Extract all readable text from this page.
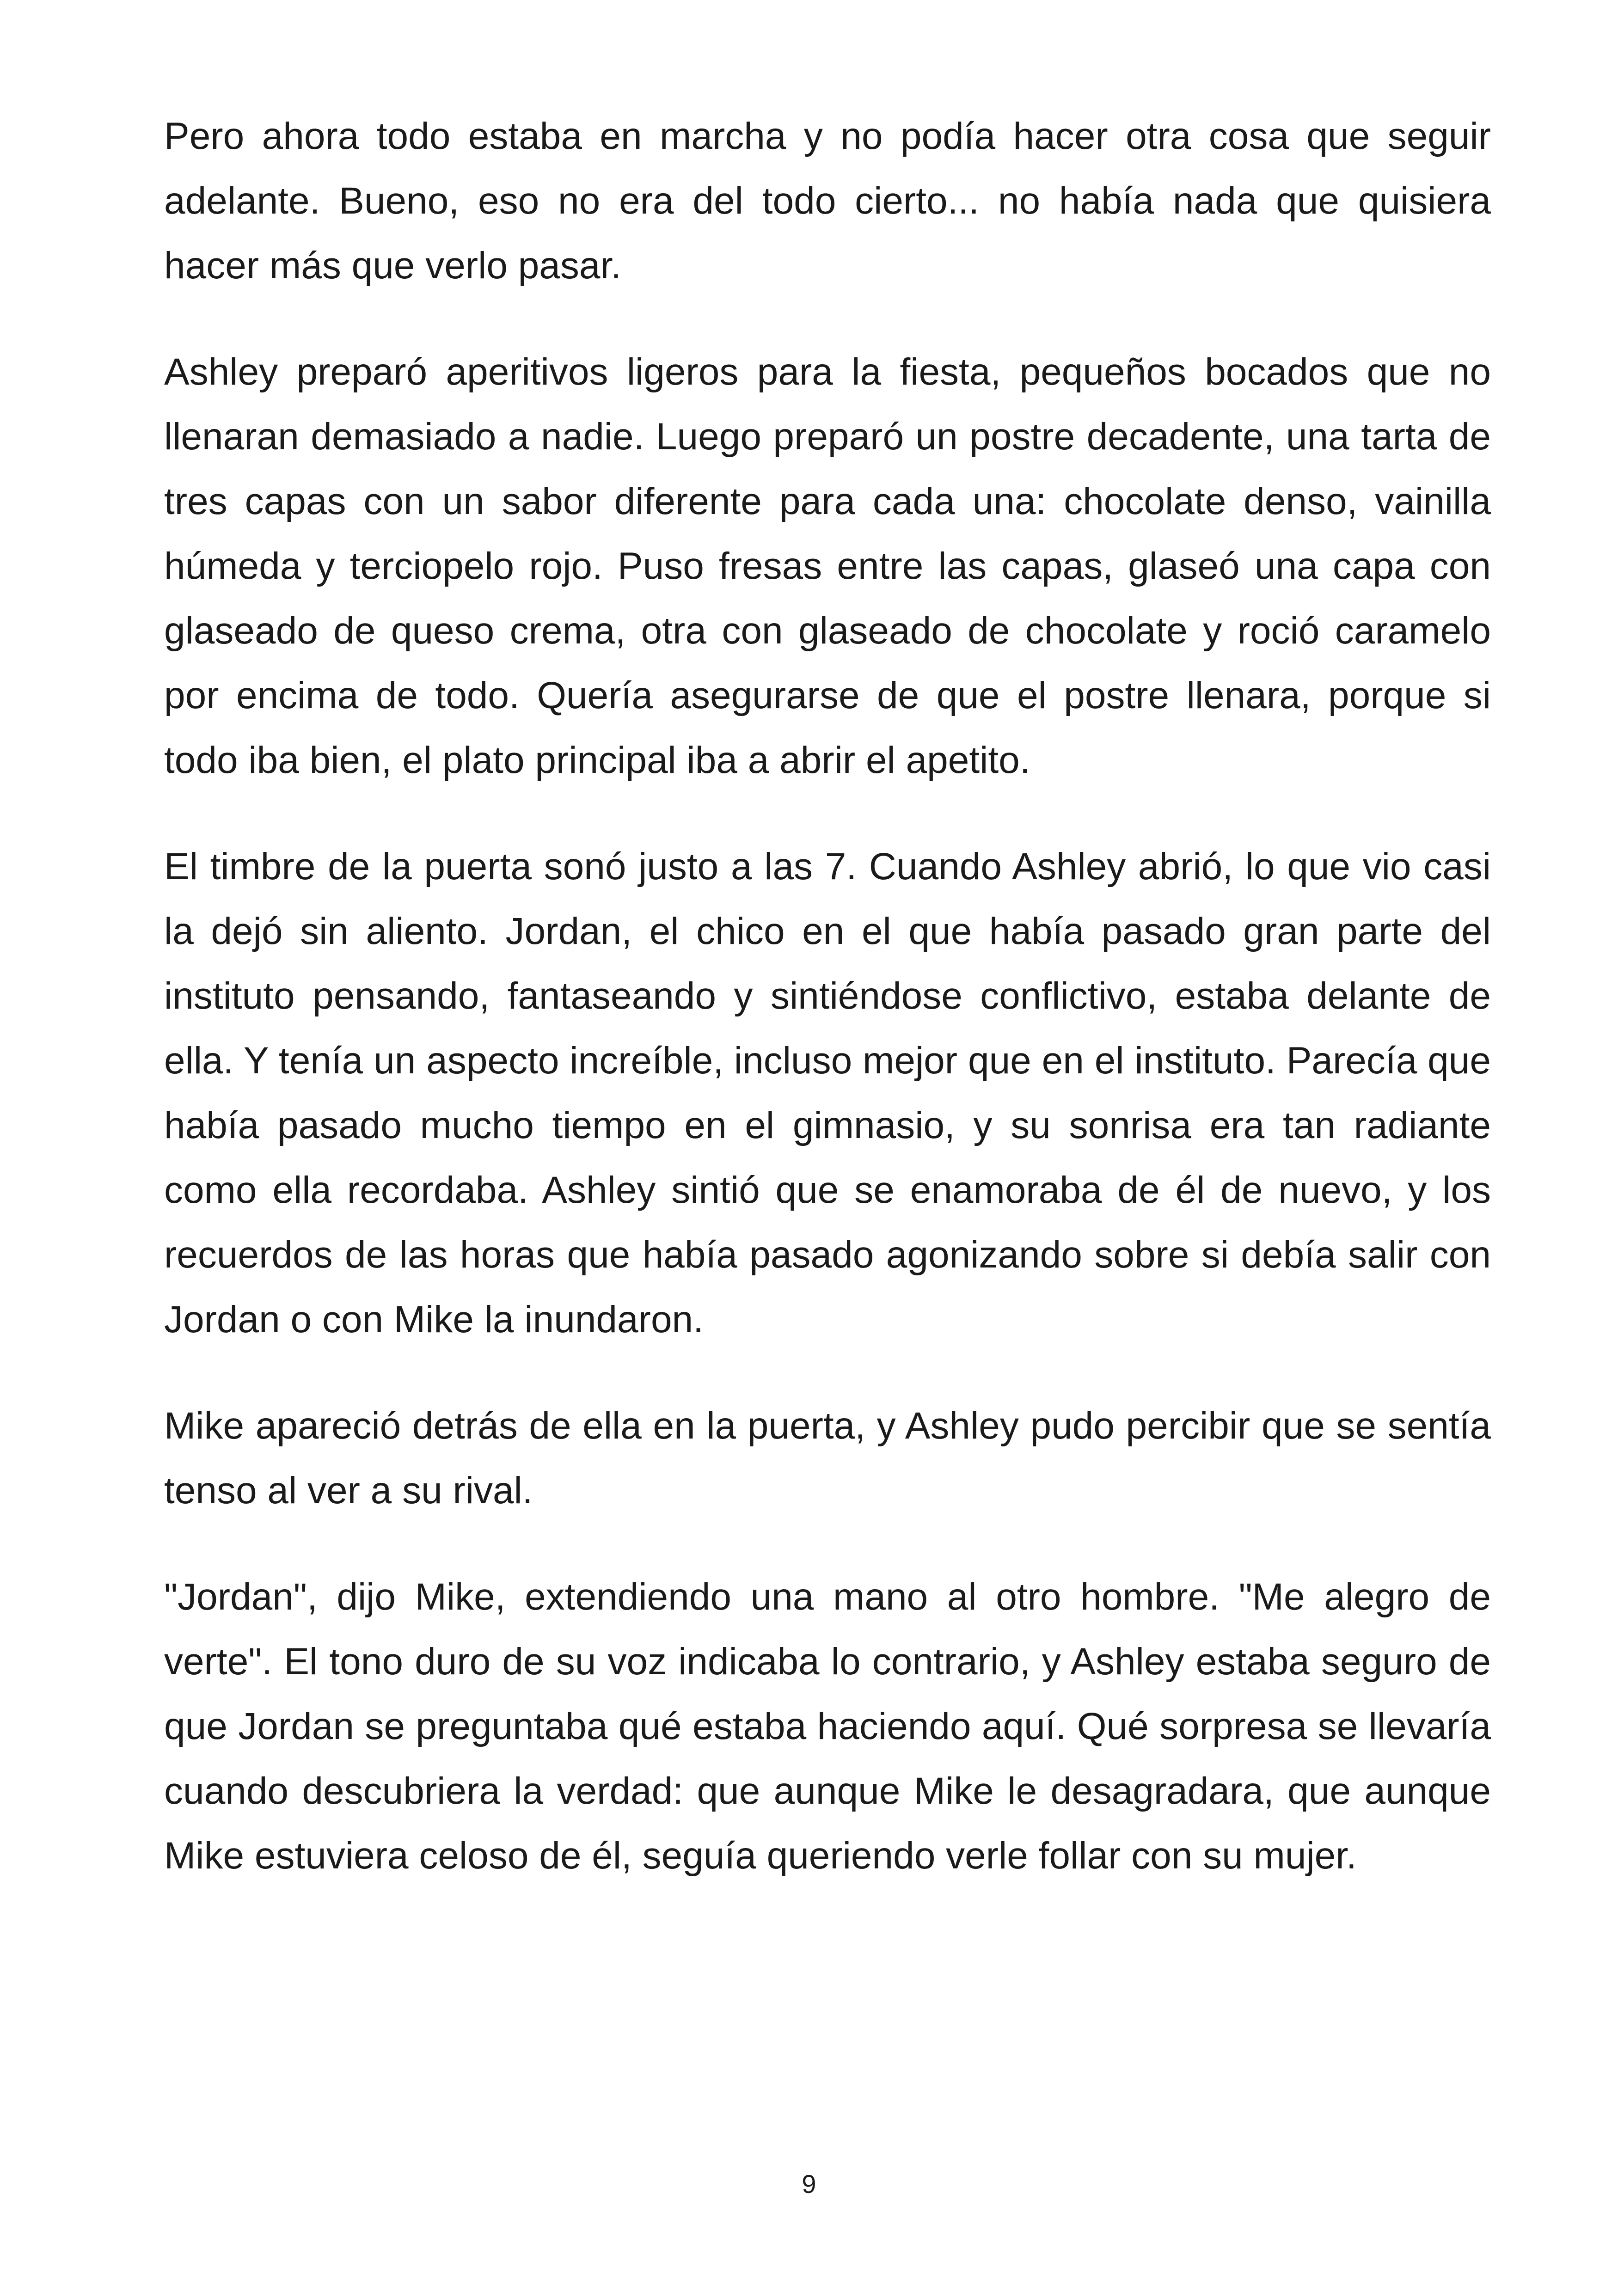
Pero ahora todo estaba en marcha y no podía hacer otra cosa que seguir adelante. Bueno, eso no era del todo cierto... no había nada que quisiera hacer más que verlo pasar.

Ashley preparó aperitivos ligeros para la fiesta, pequeños bocados que no llenaran demasiado a nadie. Luego preparó un postre decadente, una tarta de tres capas con un sabor diferente para cada una: chocolate denso, vainilla húmeda y terciopelo rojo. Puso fresas entre las capas, glaseó una capa con glaseado de queso crema, otra con glaseado de chocolate y roció caramelo por encima de todo. Quería asegurarse de que el postre llenara, porque si todo iba bien, el plato principal iba a abrir el apetito.

El timbre de la puerta sonó justo a las 7. Cuando Ashley abrió, lo que vio casi la dejó sin aliento. Jordan, el chico en el que había pasado gran parte del instituto pensando, fantaseando y sintiéndose conflictivo, estaba delante de ella. Y tenía un aspecto increíble, incluso mejor que en el instituto. Parecía que había pasado mucho tiempo en el gimnasio, y su sonrisa era tan radiante como ella recordaba. Ashley sintió que se enamoraba de él de nuevo, y los recuerdos de las horas que había pasado agonizando sobre si debía salir con Jordan o con Mike la inundaron.

Mike apareció detrás de ella en la puerta, y Ashley pudo percibir que se sentía tenso al ver a su rival.

"Jordan", dijo Mike, extendiendo una mano al otro hombre. "Me alegro de verte". El tono duro de su voz indicaba lo contrario, y Ashley estaba seguro de que Jordan se preguntaba qué estaba haciendo aquí. Qué sorpresa se llevaría cuando descubriera la verdad: que aunque Mike le desagradara, que aunque Mike estuviera celoso de él, seguía queriendo verle follar con su mujer.

9
